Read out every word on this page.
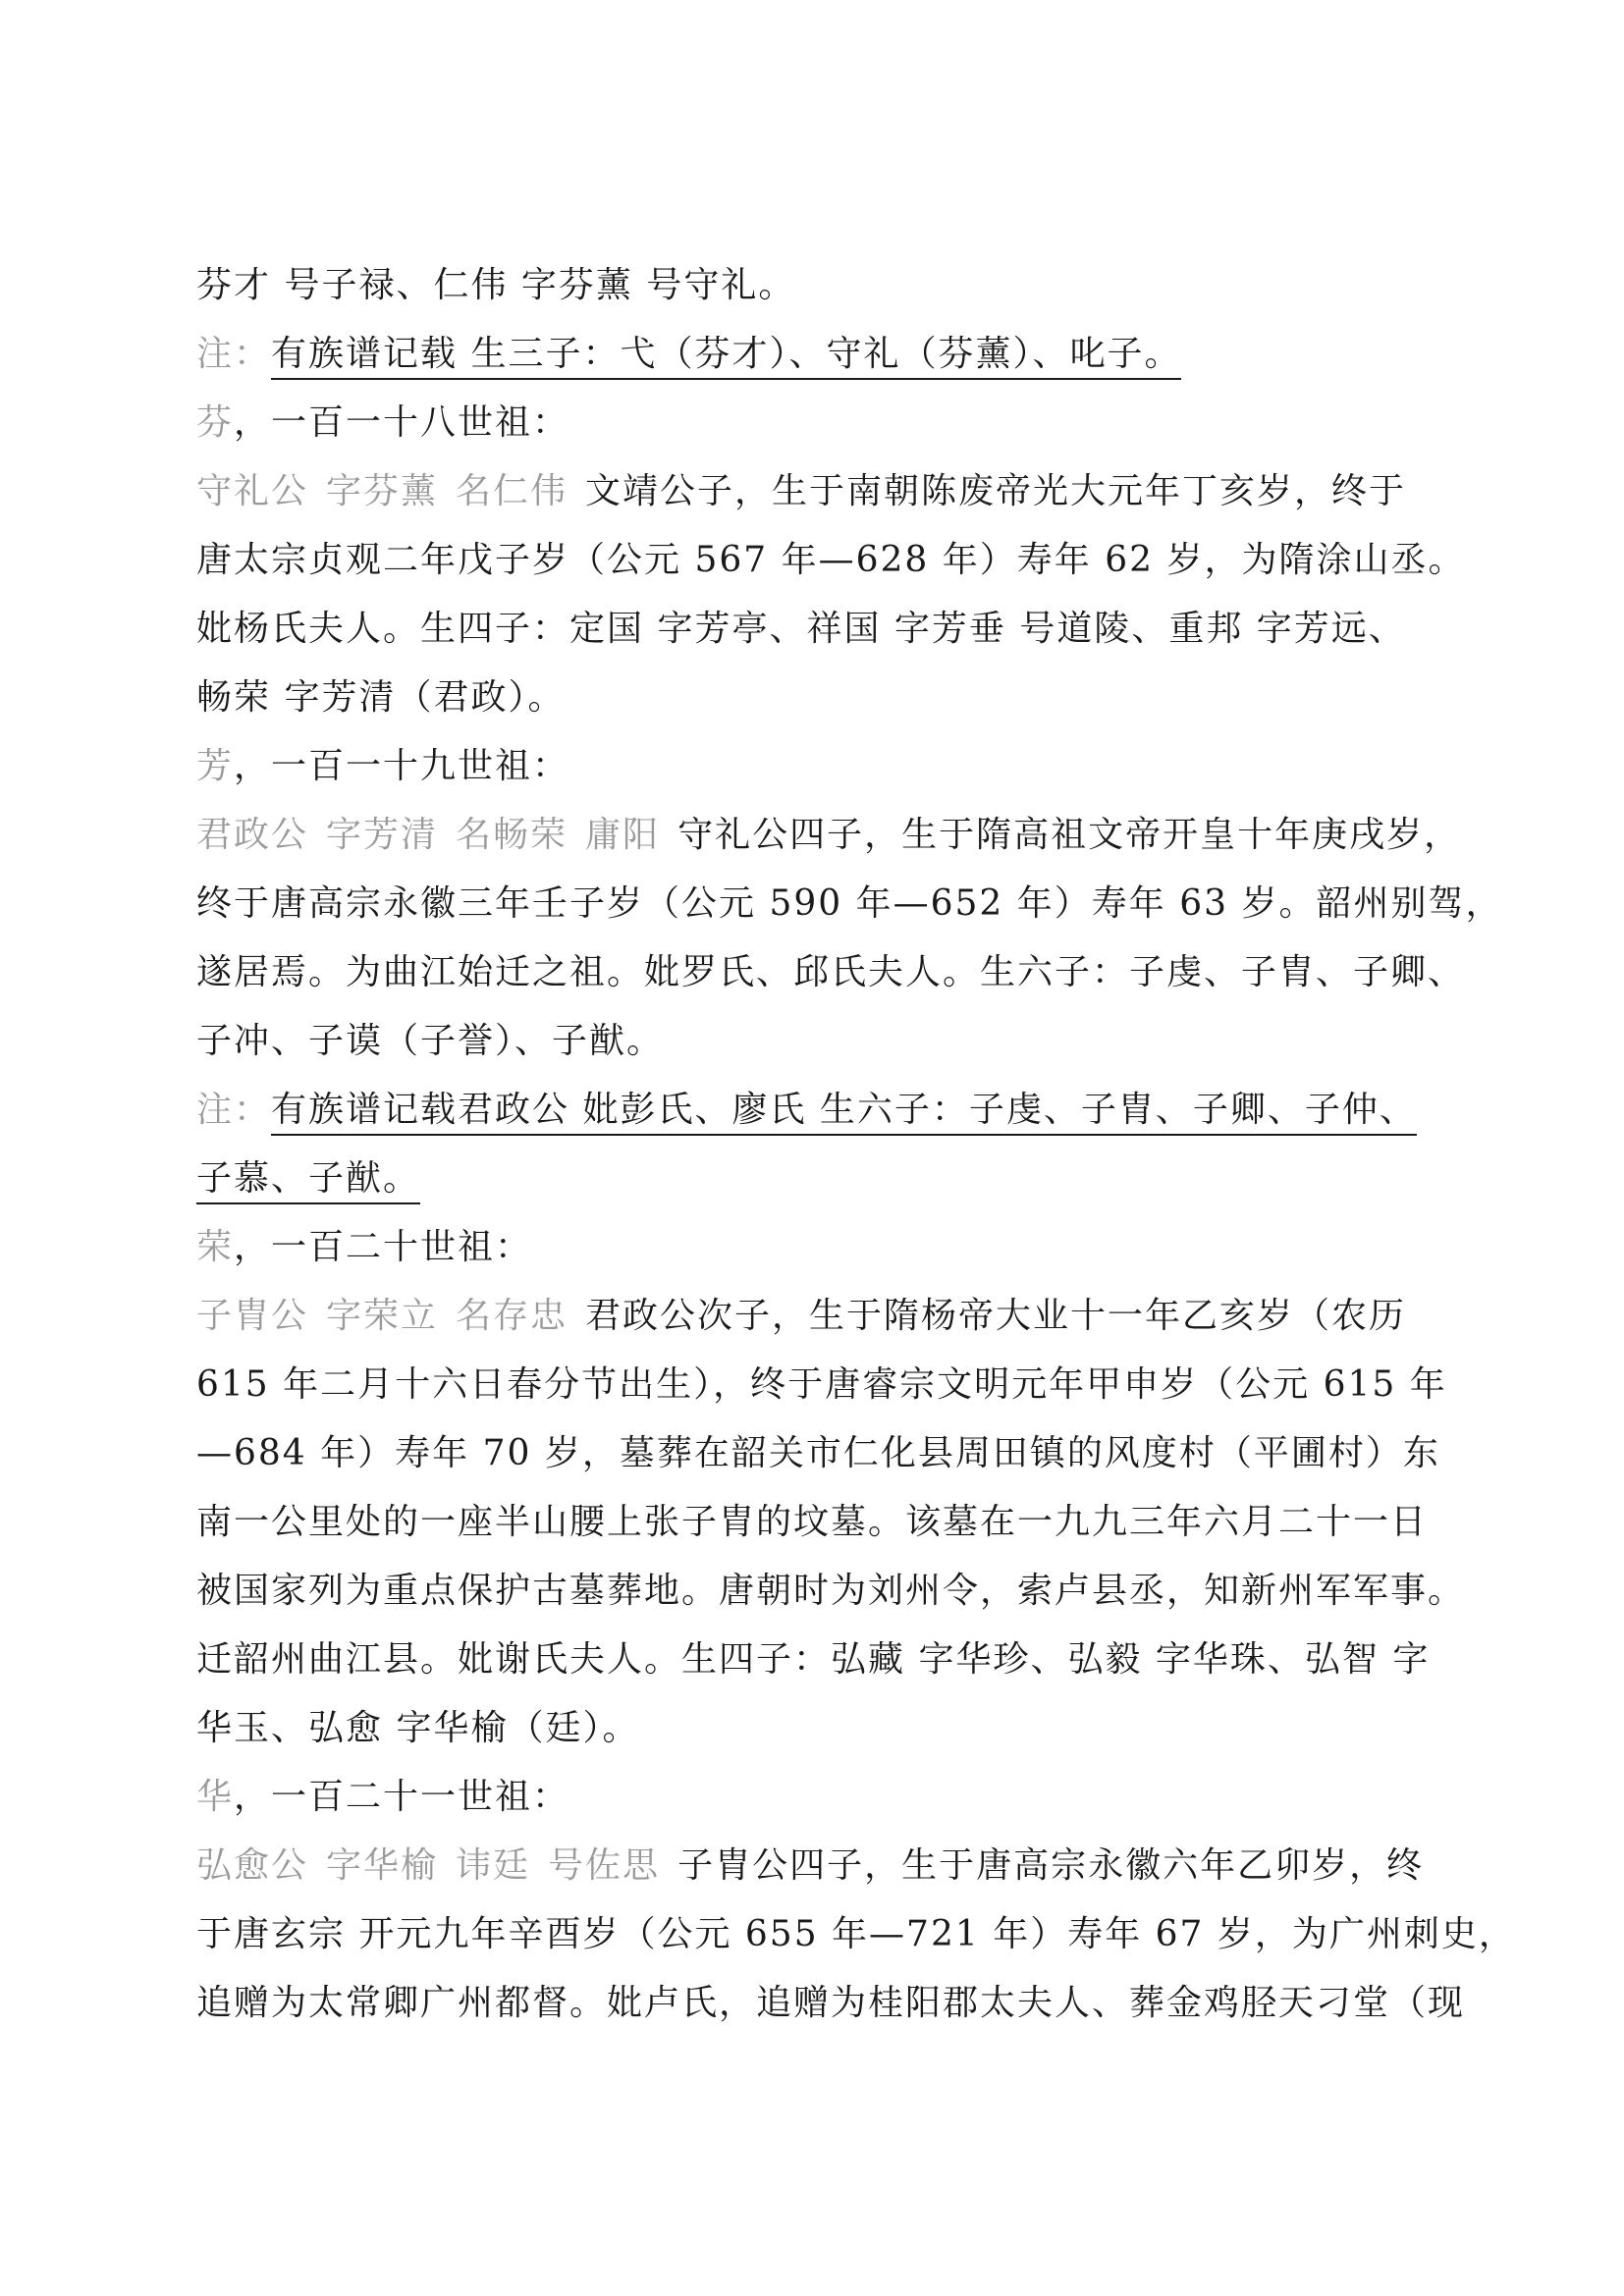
芬才 号子禄、仁伟 字芬薰 号守礼。
注：有族谱记载 生三子：弋（芬才）、守礼（芬薰）、叱子。
芬，一百一十八世祖：
守礼公 字芬薰 名仁伟 文靖公子，生于南朝陈废帝光大元年丁亥岁，终于
唐太宗贞观二年戊子岁（公元 567 年—628 年）寿年 62 岁，为隋涂山丞。
妣杨氏夫人。生四子：定国 字芳亭、祥国 字芳垂 号道陵、重邦 字芳远、
畅荣 字芳清（君政）。
芳，一百一十九世祖：
君政公 字芳清 名畅荣 庸阳 守礼公四子，生于隋高祖文帝开皇十年庚戌岁，
终于唐高宗永徽三年壬子岁（公元 590 年—652 年）寿年 63 岁。韶州别驾，
遂居焉。为曲江始迁之祖。妣罗氏、邱氏夫人。生六子：子虔、子胄、子卿、
子冲、子谟（子誉）、子猷。
注：有族谱记载君政公 妣彭氏、廖氏 生六子：子虔、子胄、子卿、子仲、
子慕、子猷。
荣，一百二十世祖：
子胄公 字荣立 名存忠 君政公次子，生于隋杨帝大业十一年乙亥岁（农历
615 年二月十六日春分节出生），终于唐睿宗文明元年甲申岁（公元 615 年
—684 年）寿年 70 岁，墓葬在韶关市仁化县周田镇的风度村（平圃村）东
南一公里处的一座半山腰上张子胄的坟墓。该墓在一九九三年六月二十一日
被国家列为重点保护古墓葬地。唐朝时为刘州令，索卢县丞，知新州军军事。
迁韶州曲江县。妣谢氏夫人。生四子：弘藏 字华珍、弘毅 字华珠、弘智 字
华玉、弘愈 字华榆（廷）。
华，一百二十一世祖：
弘愈公 字华榆 讳廷 号佐思 子胄公四子，生于唐高宗永徽六年乙卯岁，终
于唐玄宗 开元九年辛酉岁（公元 655 年—721 年）寿年 67 岁，为广州刺史，
追赠为太常卿广州都督。妣卢氏，追赠为桂阳郡太夫人、葬金鸡胫天刁堂（现
